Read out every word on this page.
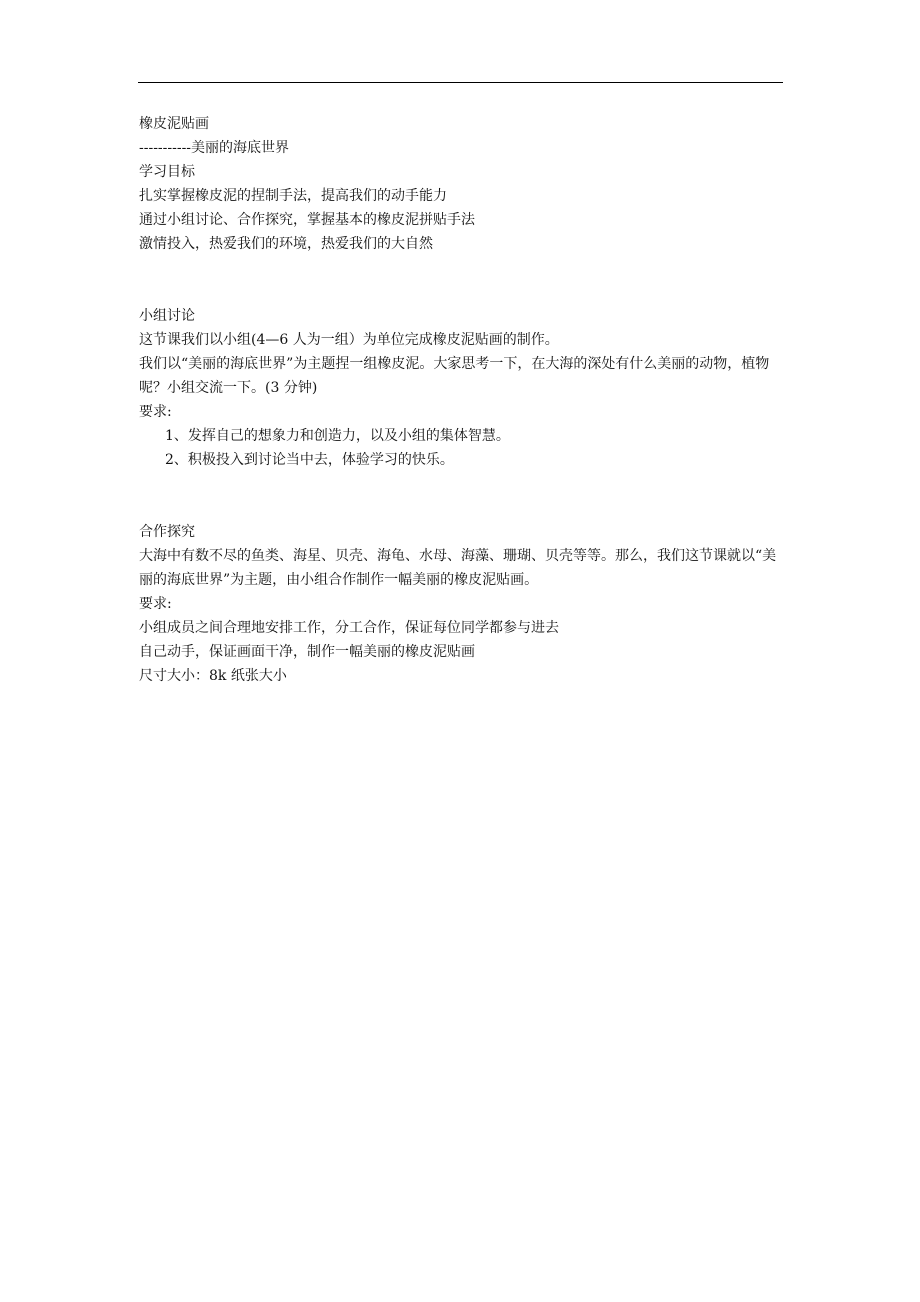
橡皮泥贴画
-----------美丽的海底世界
学习目标
扎实掌握橡皮泥的捏制手法，提高我们的动手能力
通过小组讨论、合作探究，掌握基本的橡皮泥拼贴手法
激情投入，热爱我们的环境，热爱我们的大自然
小组讨论
这节课我们以小组(4—6 人为一组）为单位完成橡皮泥贴画的制作。
我们以“美丽的海底世界”为主题捏一组橡皮泥。大家思考一下，在大海的深处有什么美丽的动物，植物呢？小组交流一下。(3 分钟)
要求:
1、发挥自己的想象力和创造力，以及小组的集体智慧。
2、积极投入到讨论当中去，体验学习的快乐。
合作探究
大海中有数不尽的鱼类、海星、贝壳、海龟、水母、海藻、珊瑚、贝壳等等。那么，我们这节课就以“美丽的海底世界”为主题，由小组合作制作一幅美丽的橡皮泥贴画。
要求:
小组成员之间合理地安排工作，分工合作，保证每位同学都参与进去
自己动手，保证画面干净，制作一幅美丽的橡皮泥贴画
尺寸大小：8k 纸张大小
